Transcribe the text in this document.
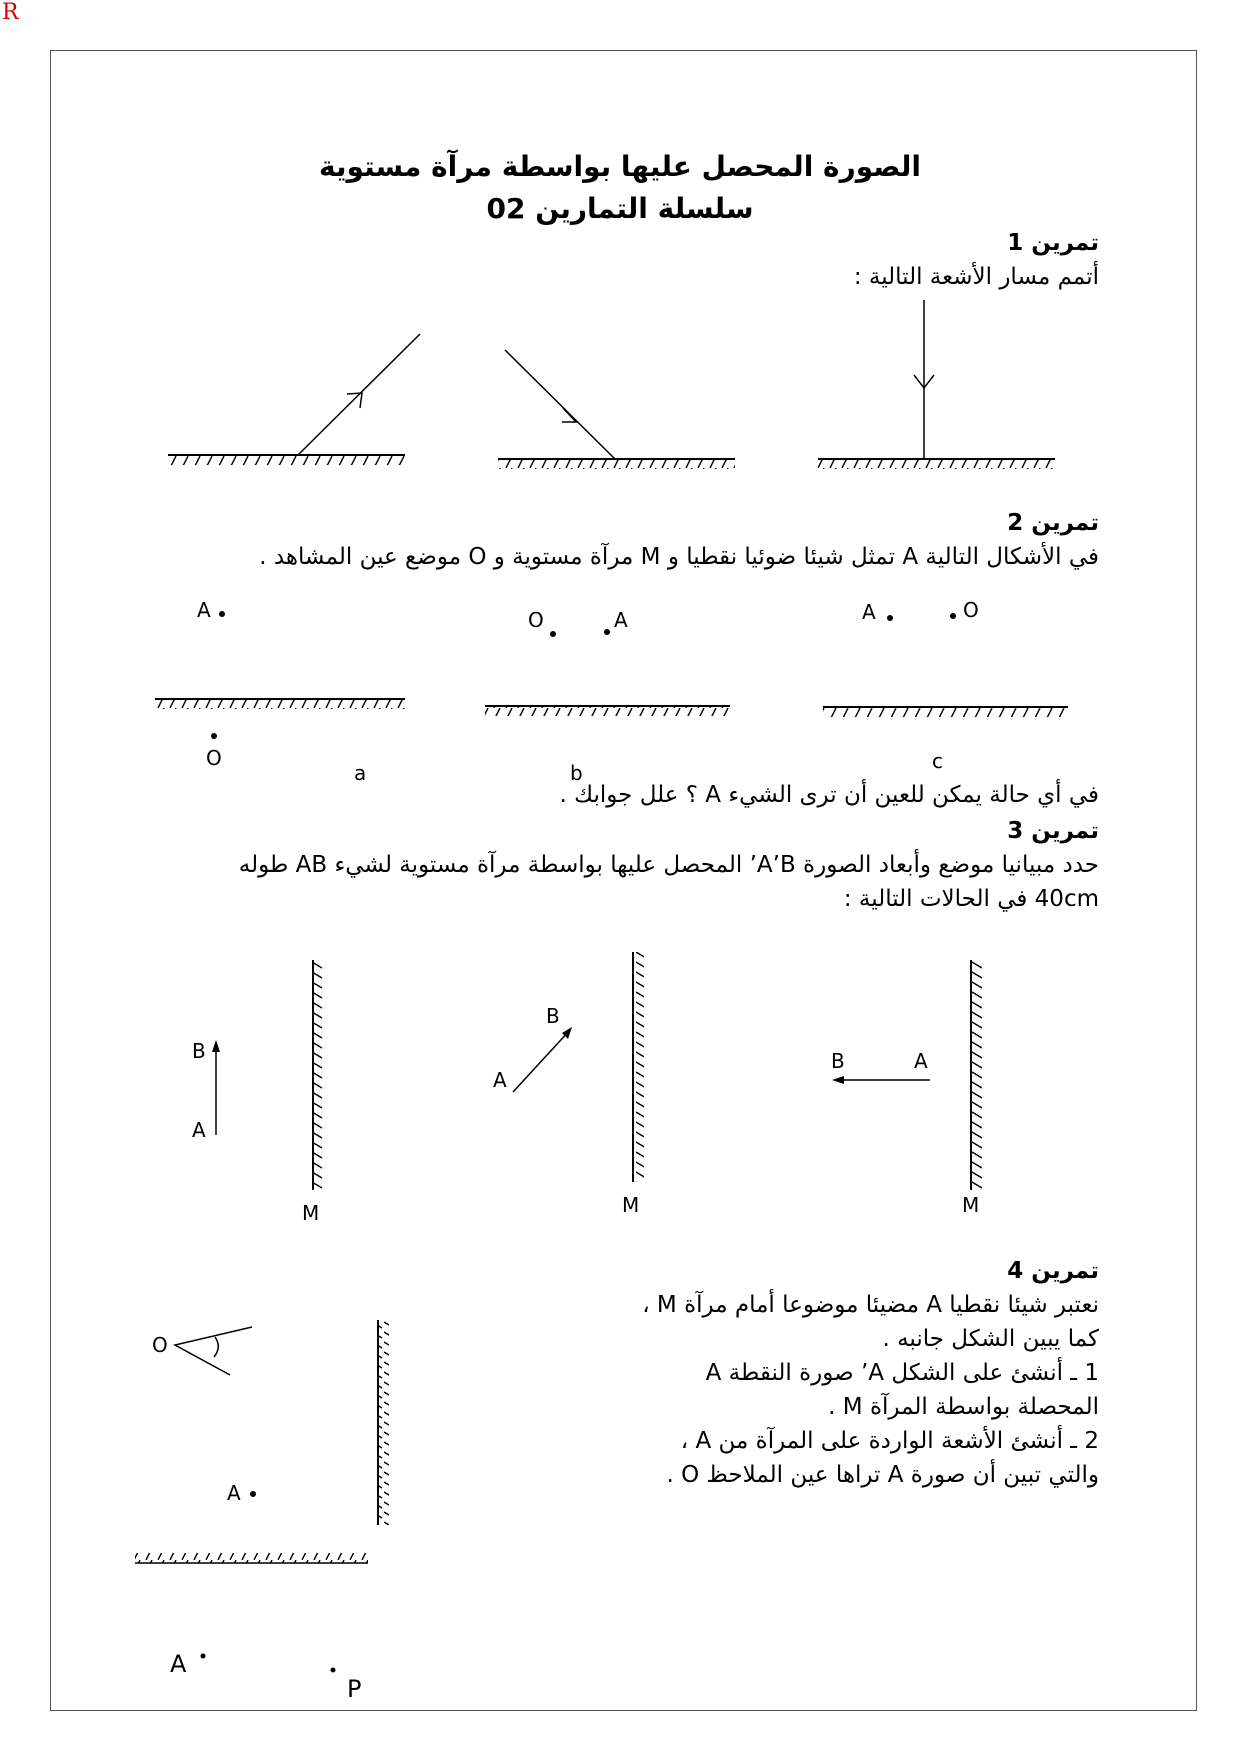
R
الصورة المحصل عليها بواسطة مرآة مستوية
سلسلة التمارين 02
تمرين 1
أتمم مسار الأشعة التالية :
تمرين 2
في الأشكال التالية A تمثل شيئا ضوئيا نقطيا و M مرآة مستوية و O موضع عين المشاهد .
في أي حالة يمكن للعين أن ترى الشيء A ؟ علل جوابك .
تمرين 3
حدد مبيانيا موضع وأبعاد الصورة A’B’ المحصل عليها بواسطة مرآة مستوية لشيء AB طوله
40cm في الحالات التالية :
تمرين 4
نعتبر شيئا نقطيا A مضيئا موضوعا أمام مرآة M ،
كما يبين الشكل جانبه .
1 ـ أنشئ على الشكل A’ صورة النقطة A
المحصلة بواسطة المرآة M .
2 ـ أنشئ الأشعة الواردة على المرآة من A ،
والتي تبين أن صورة A تراها عين الملاحظ O .
A
O
a
O	A
b
A	O
c
B
A
M
B
A
M
B	A
M
O
A
A
P
